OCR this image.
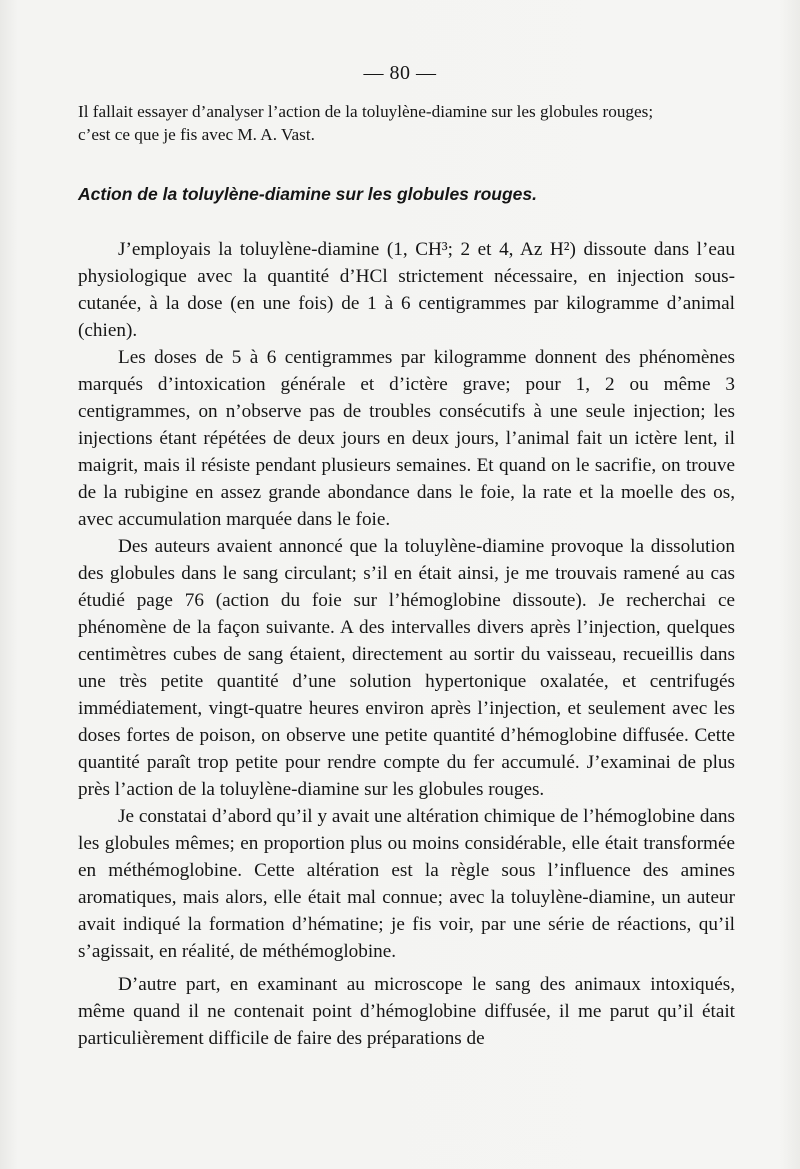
— 80 —

Il fallait essayer d’analyser l’action de la toluylène-diamine sur les globules rouges;

c’est ce que je fis avec M. A. Vast.

Action de la toluylène-diamine sur les globules rouges.

J’employais la toluylène-diamine (1, CH³; 2 et 4, Az H²) dissoute dans l’eau physiologique avec la quantité d’HCl strictement nécessaire, en injection sous-cutanée, à la dose (en une fois) de 1 à 6 centigrammes par kilogramme d’animal (chien).

Les doses de 5 à 6 centigrammes par kilogramme donnent des phénomènes marqués d’intoxication générale et d’ictère grave; pour 1, 2 ou même 3 centigrammes, on n’observe pas de troubles consécutifs à une seule injection; les injections étant répétées de deux jours en deux jours, l’animal fait un ictère lent, il maigrit, mais il résiste pendant plusieurs semaines. Et quand on le sacrifie, on trouve de la rubigine en assez grande abondance dans le foie, la rate et la moelle des os, avec accumulation marquée dans le foie.

Des auteurs avaient annoncé que la toluylène-diamine provoque la dissolution des globules dans le sang circulant; s’il en était ainsi, je me trouvais ramené au cas étudié page 76 (action du foie sur l’hémoglobine dissoute). Je recherchai ce phénomène de la façon suivante. A des intervalles divers après l’injection, quelques centimètres cubes de sang étaient, directement au sortir du vaisseau, recueillis dans une très petite quantité d’une solution hypertonique oxalatée, et centrifugés immédiatement, vingt-quatre heures environ après l’injection, et seulement avec les doses fortes de poison, on observe une petite quantité d’hémoglobine diffusée. Cette quantité paraît trop petite pour rendre compte du fer accumulé. J’examinai de plus près l’action de la toluylène-diamine sur les globules rouges.

Je constatai d’abord qu’il y avait une altération chimique de l’hémoglobine dans les globules mêmes; en proportion plus ou moins considérable, elle était transformée en méthémoglobine. Cette altération est la règle sous l’influence des amines aromatiques, mais alors, elle était mal connue; avec la toluylène-diamine, un auteur avait indiqué la formation d’hématine; je fis voir, par une série de réactions, qu’il s’agissait, en réalité, de méthémoglobine.

D’autre part, en examinant au microscope le sang des animaux intoxiqués, même quand il ne contenait point d’hémoglobine diffusée, il me parut qu’il était particulièrement difficile de faire des préparations de
